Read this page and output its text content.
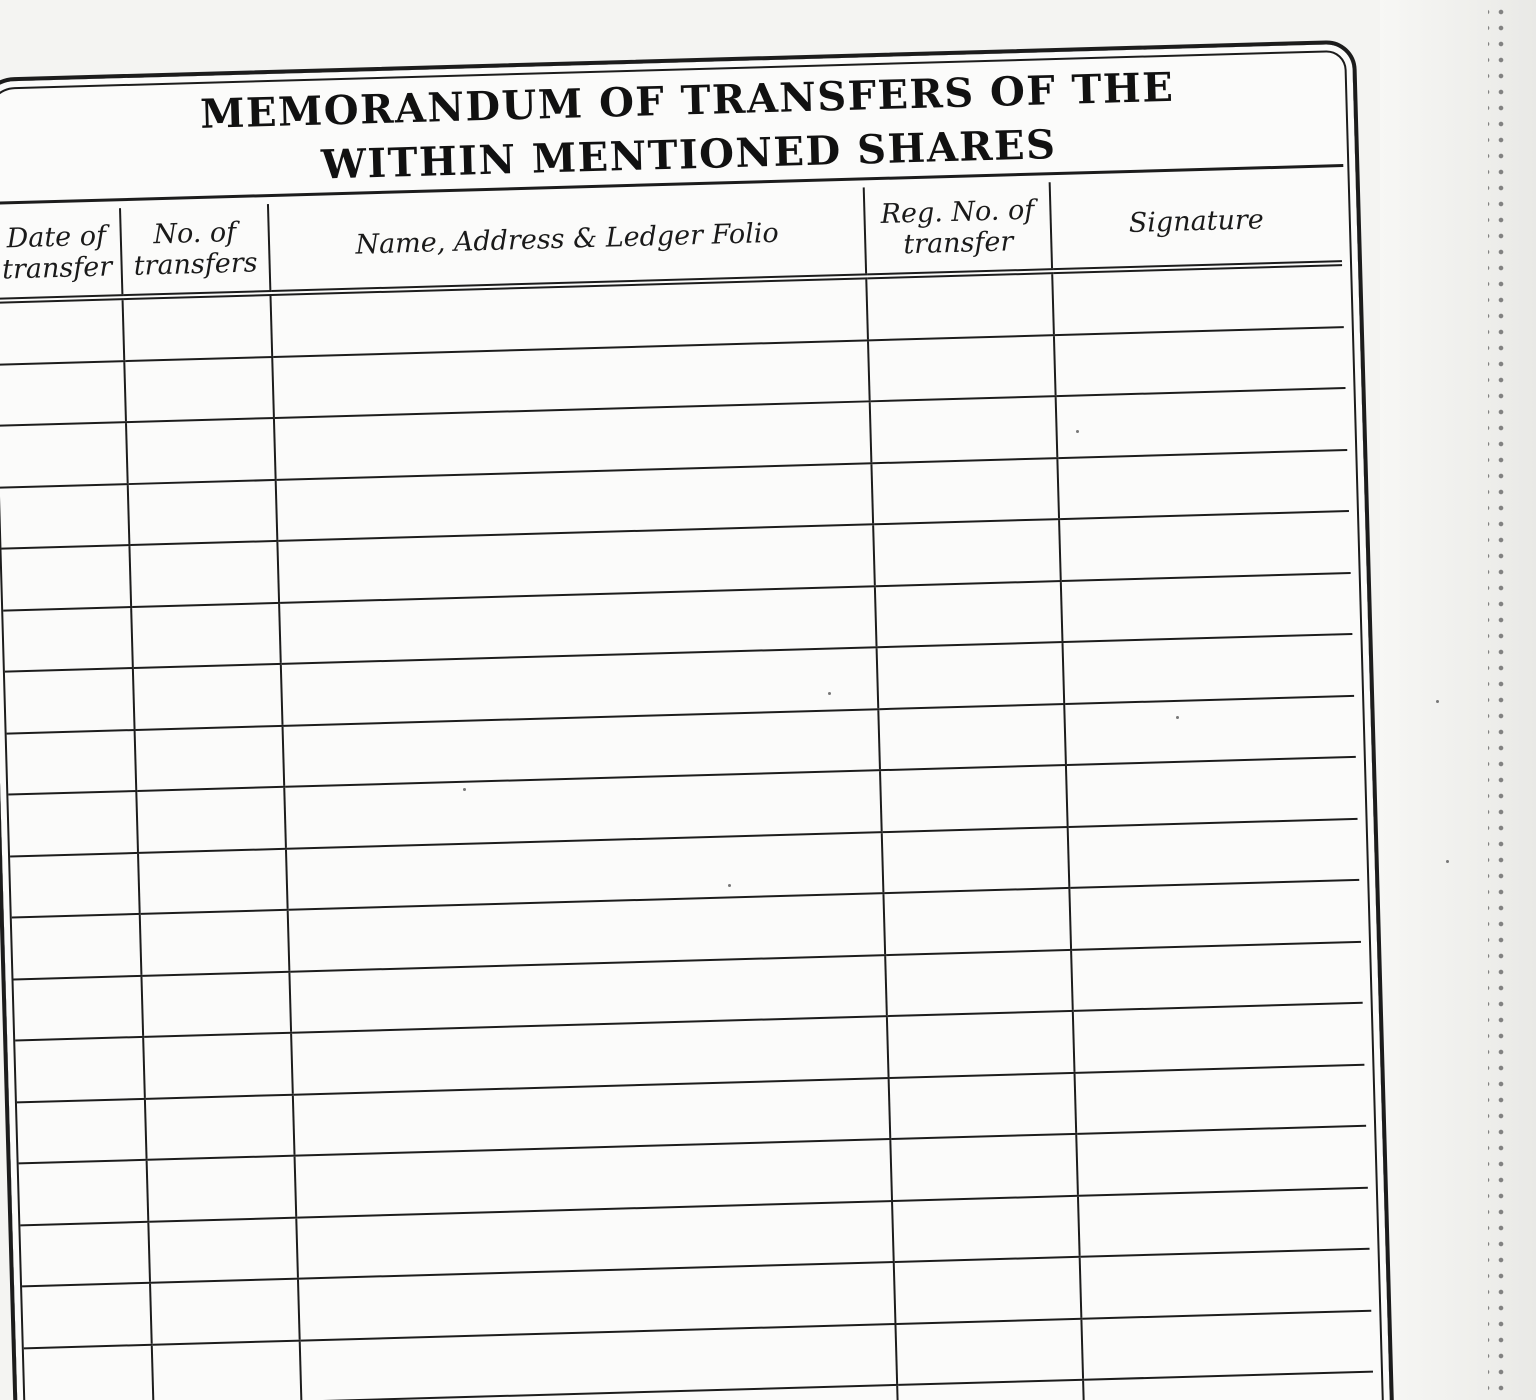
MEMORANDUM OF TRANSFERS OF THE
WITHIN MENTIONED SHARES
Date of transfer	No. of transfers	Name, Address & Ledger Folio	Reg. No. of transfer	Signature
